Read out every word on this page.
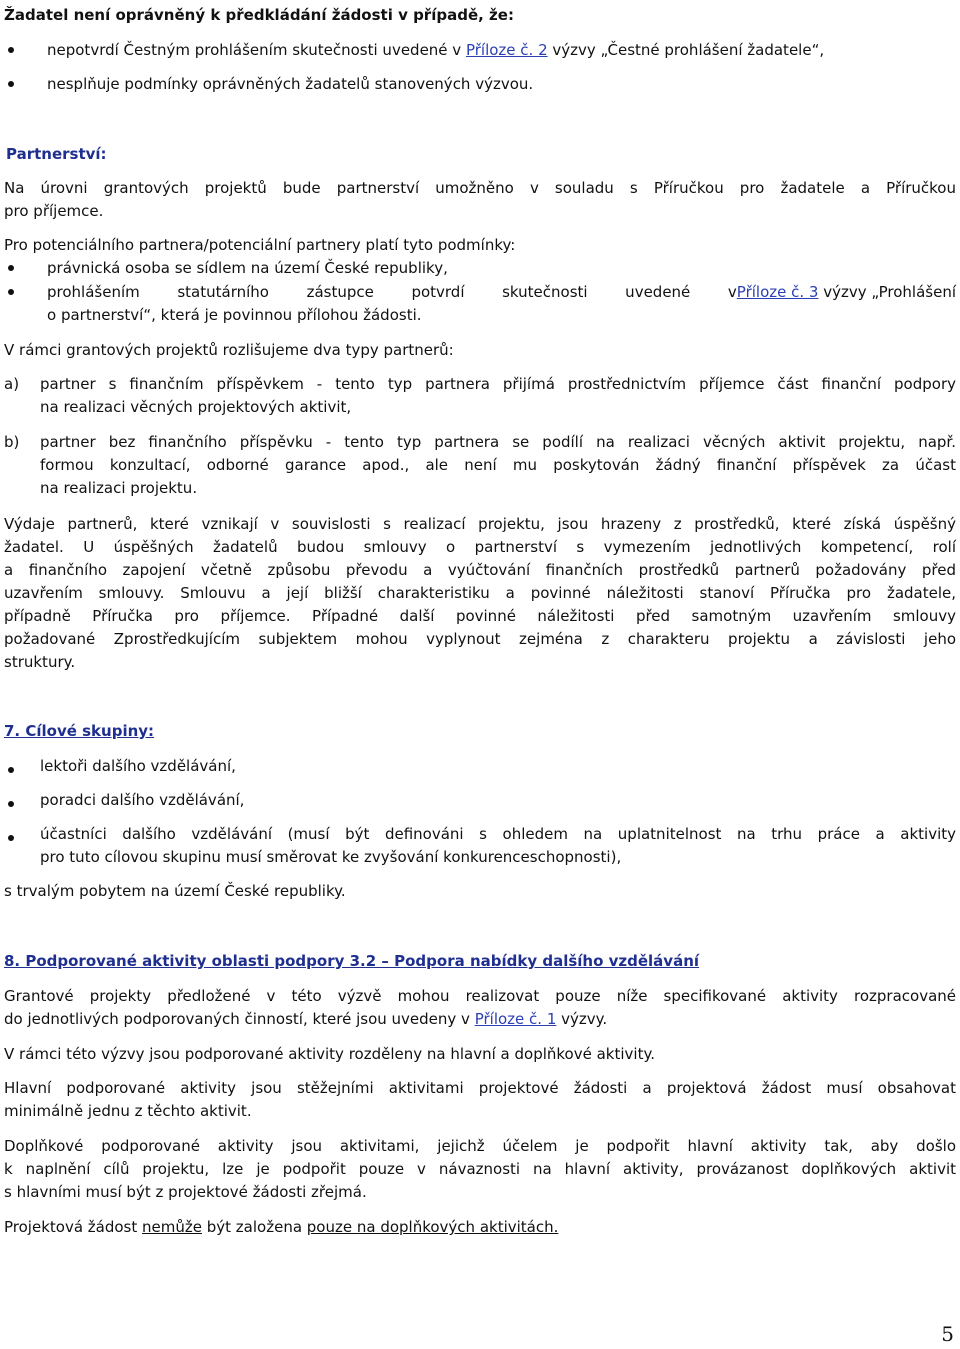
Žadatel není oprávněný k předkládání žádosti v případě, že:
nepotvrdí Čestným prohlášením skutečnosti uvedené v Příloze č. 2 výzvy „Čestné prohlášení žadatele“,
nesplňuje podmínky oprávněných žadatelů stanovených výzvou.
Partnerství:
Na úrovni grantových projektů bude partnerství umožněno v souladu s Příručkou pro žadatele a Příručkou
pro příjemce.
Pro potenciálního partnera/potenciální partnery platí tyto podmínky:
právnická osoba se sídlem na území České republiky,
prohlášením statutárního zástupce potvrdí skutečnosti uvedené v Příloze č. 3 výzvy „Prohlášení
o partnerství“, která je povinnou přílohou žádosti.
V rámci grantových projektů rozlišujeme dva typy partnerů:
a) partner s finančním příspěvkem - tento typ partnera přijímá prostřednictvím příjemce část finanční podpory
na realizaci věcných projektových aktivit,
b) partner bez finančního příspěvku - tento typ partnera se podílí na realizaci věcných aktivit projektu, např.
formou konzultací, odborné garance apod., ale není mu poskytován žádný finanční příspěvek za účast
na realizaci projektu.
Výdaje partnerů, které vznikají v souvislosti s realizací projektu, jsou hrazeny z prostředků, které získá úspěšný
žadatel. U úspěšných žadatelů budou smlouvy o partnerství s vymezením jednotlivých kompetencí, rolí
a finančního zapojení včetně způsobu převodu a vyúčtování finančních prostředků partnerů požadovány před
uzavřením smlouvy. Smlouvu a její bližší charakteristiku a povinné náležitosti stanoví Příručka pro žadatele,
případně Příručka pro příjemce. Případné další povinné náležitosti před samotným uzavřením smlouvy
požadované Zprostředkujícím subjektem mohou vyplynout zejména z charakteru projektu a závislosti jeho
struktury.
7. Cílové skupiny:
lektoři dalšího vzdělávání,
poradci dalšího vzdělávání,
účastníci dalšího vzdělávání (musí být definováni s ohledem na uplatnitelnost na trhu práce a aktivity
pro tuto cílovou skupinu musí směrovat ke zvyšování konkurenceschopnosti),
s trvalým pobytem na území České republiky.
8. Podporované aktivity oblasti podpory 3.2 – Podpora nabídky dalšího vzdělávání
Grantové projekty předložené v této výzvě mohou realizovat pouze níže specifikované aktivity rozpracované
do jednotlivých podporovaných činností, které jsou uvedeny v Příloze č. 1 výzvy.
V rámci této výzvy jsou podporované aktivity rozděleny na hlavní a doplňkové aktivity.
Hlavní podporované aktivity jsou stěžejními aktivitami projektové žádosti a projektová žádost musí obsahovat
minimálně jednu z těchto aktivit.
Doplňkové podporované aktivity jsou aktivitami, jejichž účelem je podpořit hlavní aktivity tak, aby došlo
k naplnění cílů projektu, lze je podpořit pouze v návaznosti na hlavní aktivity, provázanost doplňkových aktivit
s hlavními musí být z projektové žádosti zřejmá.
Projektová žádost nemůže být založena pouze na doplňkových aktivitách.
5
